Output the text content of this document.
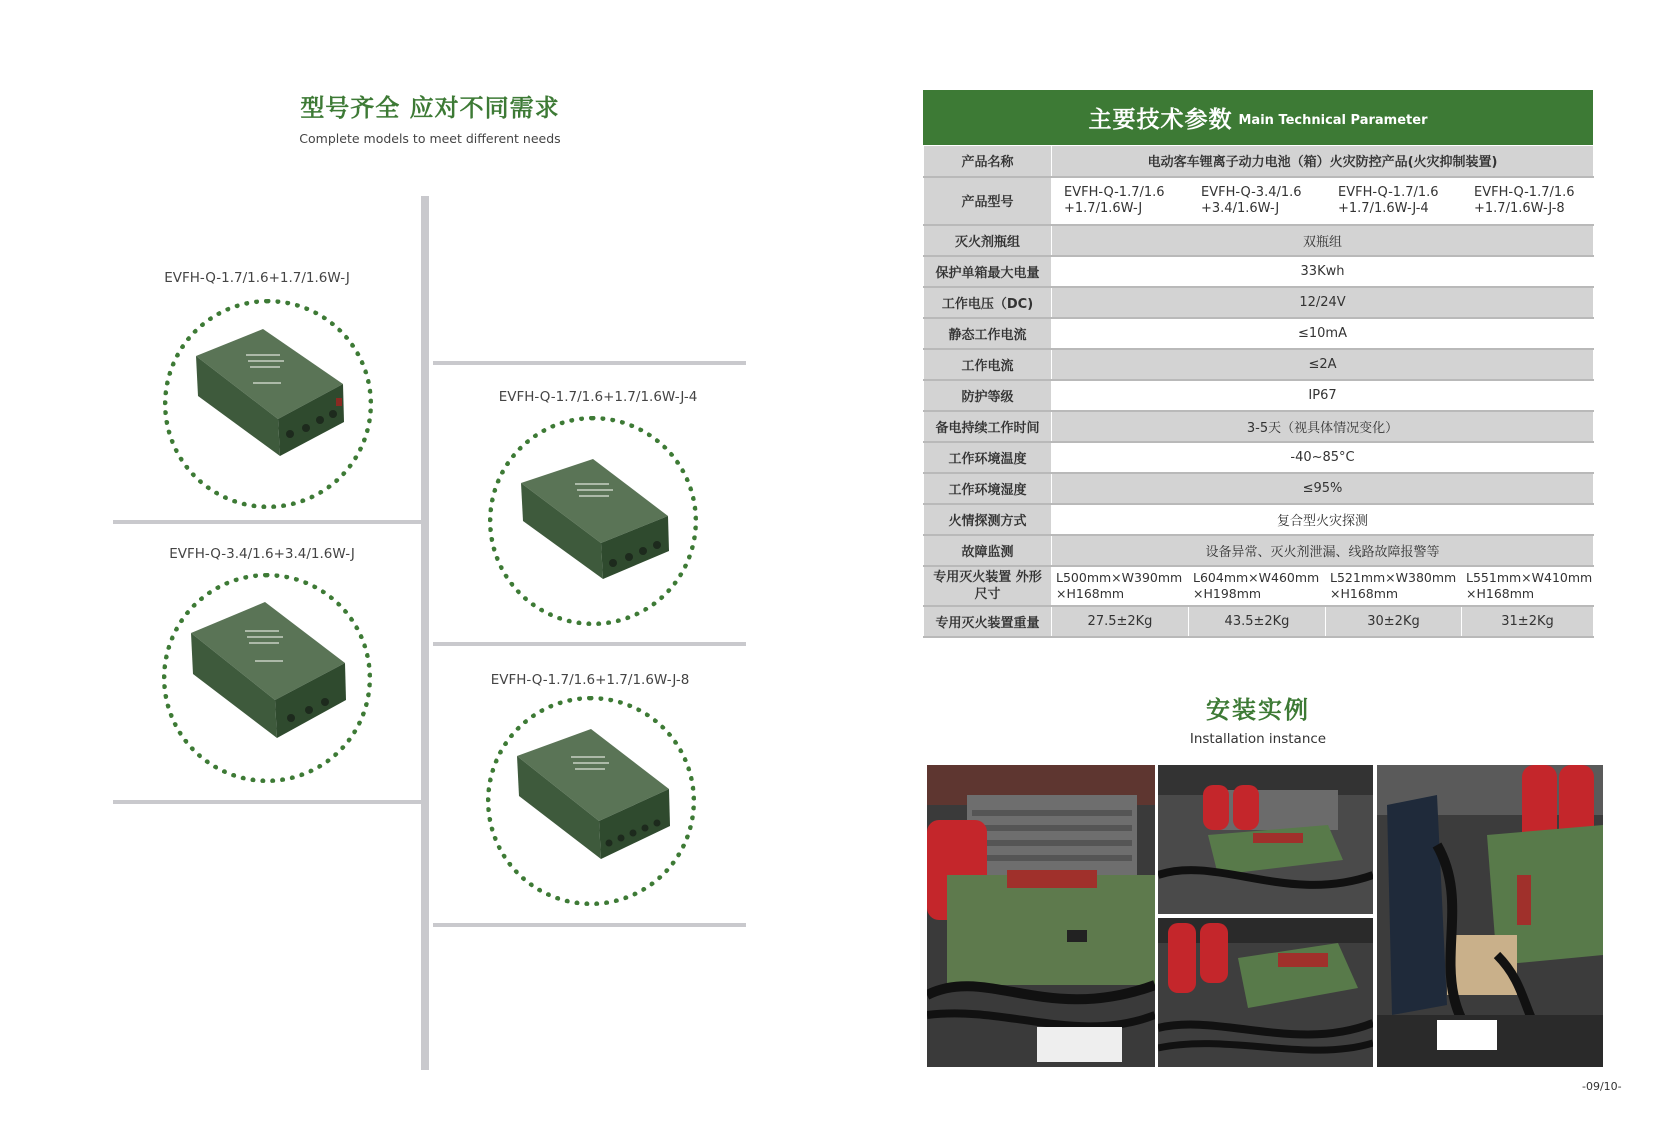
型号齐全 应对不同需求
Complete models to meet different needs
EVFH-Q-1.7/1.6+1.7/1.6W-J
EVFH-Q-1.7/1.6+1.7/1.6W-J-4
EVFH-Q-3.4/1.6+3.4/1.6W-J
EVFH-Q-1.7/1.6+1.7/1.6W-J-8
主要技术参数 Main Technical Parameter
产品名称	电动客车锂离子动力电池（箱）火灾防控产品(火灾抑制装置)			
产品型号	EVFH-Q-1.7/1.6 +1.7/1.6W-J	EVFH-Q-3.4/1.6 +3.4/1.6W-J	EVFH-Q-1.7/1.6 +1.7/1.6W-J-4	EVFH-Q-1.7/1.6 +1.7/1.6W-J-8
灭火剂瓶组	双瓶组			
保护单箱最大电量	33Kwh			
工作电压（DC)	12/24V			
静态工作电流	≤10mA			
工作电流	≤2A			
防护等级	IP67			
备电持续工作时间	3-5天（视具体情况变化）			
工作环境温度	-40~85°C			
工作环境湿度	≤95%			
火情探测方式	复合型火灾探测			
故障监测	设备异常、灭火剂泄漏、线路故障报警等			
专用灭火装置 外形尺寸	L500mm×W390mm ×H168mm	L604mm×W460mm ×H198mm	L521mm×W380mm ×H168mm	L551mm×W410mm ×H168mm
专用灭火装置重量	27.5±2Kg	43.5±2Kg	30±2Kg	31±2Kg
安装实例
Installation instance
-09/10-
